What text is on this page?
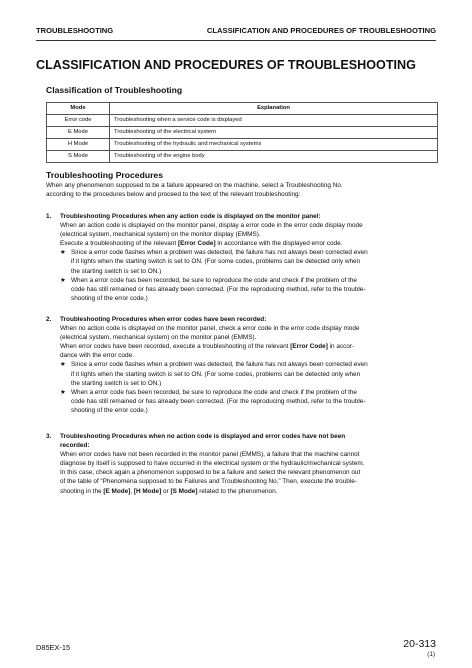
TROUBLESHOOTING	CLASSIFICATION AND PROCEDURES OF TROUBLESHOOTING
CLASSIFICATION AND PROCEDURES OF TROUBLESHOOTING
Classification of Troubleshooting
Mode	Explanation
Error code	Troubleshooting when a service code is displayed
E Mode	Troubleshooting of the electrical system
H Mode	Troubleshooting of the hydraulic and mechanical systems
S Mode	Troubleshooting of the engine body
Troubleshooting Procedures

When any phenomenon supposed to be a failure appeared on the machine, select a Troubleshooting No.

according to the procedures below and proceed to the text of the relevant troubleshooting:

1. Troubleshooting Procedures when any action code is displayed on the monitor panel:

When an action code is displayed on the monitor panel, display a error code in the error code display mode

(electrical system, mechanical system) on the monitor display (EMMS).

Execute a troubleshooting of the relevant [Error Code] in accordance with the displayed error code.

★ Since a error code flashes when a problem was detected, the failure has not always been corrected even
if it lights when the starting switch is set to ON. (For some codes, problems can be detected only when
the starting switch is set to ON.)
★ When a error code has been recorded, be sure to reproduce the code and check if the problem of the
code has still remained or has already been corrected. (For the reproducing method, refer to the trouble-
shooting of the error code.)
2. Troubleshooting Procedures when error codes have been recorded:

When no action code is displayed on the monitor panel, check a error code in the error code display mode

(electrical system, mechanical system) on the monitor panel (EMMS).

When error codes have been recorded, execute a troubleshooting of the relevant [Error Code] in accor-

dance with the error code.

★ Since a error code flashes when a problem was detected, the failure has not always been corrected even
if it lights when the starting switch is set to ON. (For some codes, problems can be detected only when
the starting switch is set to ON.)
★ When a error code has been recorded, be sure to reproduce the code and check if the problem of the
code has still remained or has already been corrected. (For the reproducing method, refer to the trouble-
shooting of the error code.)
3. Troubleshooting Procedures when no action code is displayed and error codes have not been
recorded:

When error codes have not been recorded in the monitor panel (EMMS), a failure that the machine cannot

diagnose by itself is supposed to have occurred in the electrical system or the hydraulic/mechanical system.

In this case, check again a phenomenon supposed to be a failure and select the relevant phenomenon out

of the table of “Phenomena supposed to be Failures and Troubleshooting No.” Then, execute the trouble-

shooting in the [E Mode], [H Mode] or [S Mode] related to the phenomenon.

D85EX-15	20-313
(1)
